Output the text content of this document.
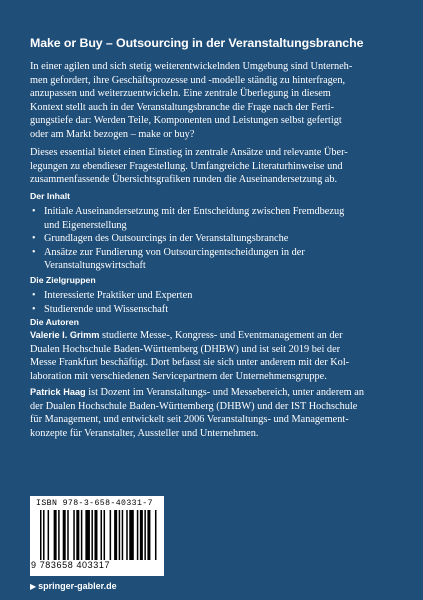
Make or Buy – Outsourcing in der Veranstaltungsbranche

In einer agilen und sich stetig weiterentwickelnden Umgebung sind Unterneh-
men gefordert, ihre Geschäftsprozesse und -modelle ständig zu hinterfragen,
anzupassen und weiterzuentwickeln. Eine zentrale Überlegung in diesem
Kontext stellt auch in der Veranstaltungsbranche die Frage nach der Ferti-
gungstiefe dar: Werden Teile, Komponenten und Leistungen selbst gefertigt
oder am Markt bezogen – make or buy?

Dieses essential bietet einen Einstieg in zentrale Ansätze und relevante Über-
legungen zu ebendieser Fragestellung. Umfangreiche Literaturhinweise und
zusammenfassende Übersichtsgrafiken runden die Auseinandersetzung ab.

Der Inhalt

• Initiale Auseinandersetzung mit der Entscheidung zwischen Fremdbezug
und Eigenerstellung
• Grundlagen des Outsourcings in der Veranstaltungsbranche
• Ansätze zur Fundierung von Outsourcingentscheidungen in der
Veranstaltungswirtschaft

Die Zielgruppen

• Interessierte Praktiker und Experten
• Studierende und Wissenschaft

Die Autoren

Valerie I. Grimm studierte Messe-, Kongress- und Eventmanagement an der
Dualen Hochschule Baden-Württemberg (DHBW) und ist seit 2019 bei der
Messe Frankfurt beschäftigt. Dort befasst sie sich unter anderem mit der Kol-
laboration mit verschiedenen Servicepartnern der Unternehmensgruppe.

Patrick Haag ist Dozent im Veranstaltungs- und Messebereich, unter anderem an
der Dualen Hochschule Baden-Württemberg (DHBW) und der IST Hochschule
für Management, und entwickelt seit 2006 Veranstaltungs- und Management-
konzepte für Veranstalter, Aussteller und Unternehmen.

ISBN 978-3-658-40331-7
9 783658 403317
▶ springer-gabler.de
